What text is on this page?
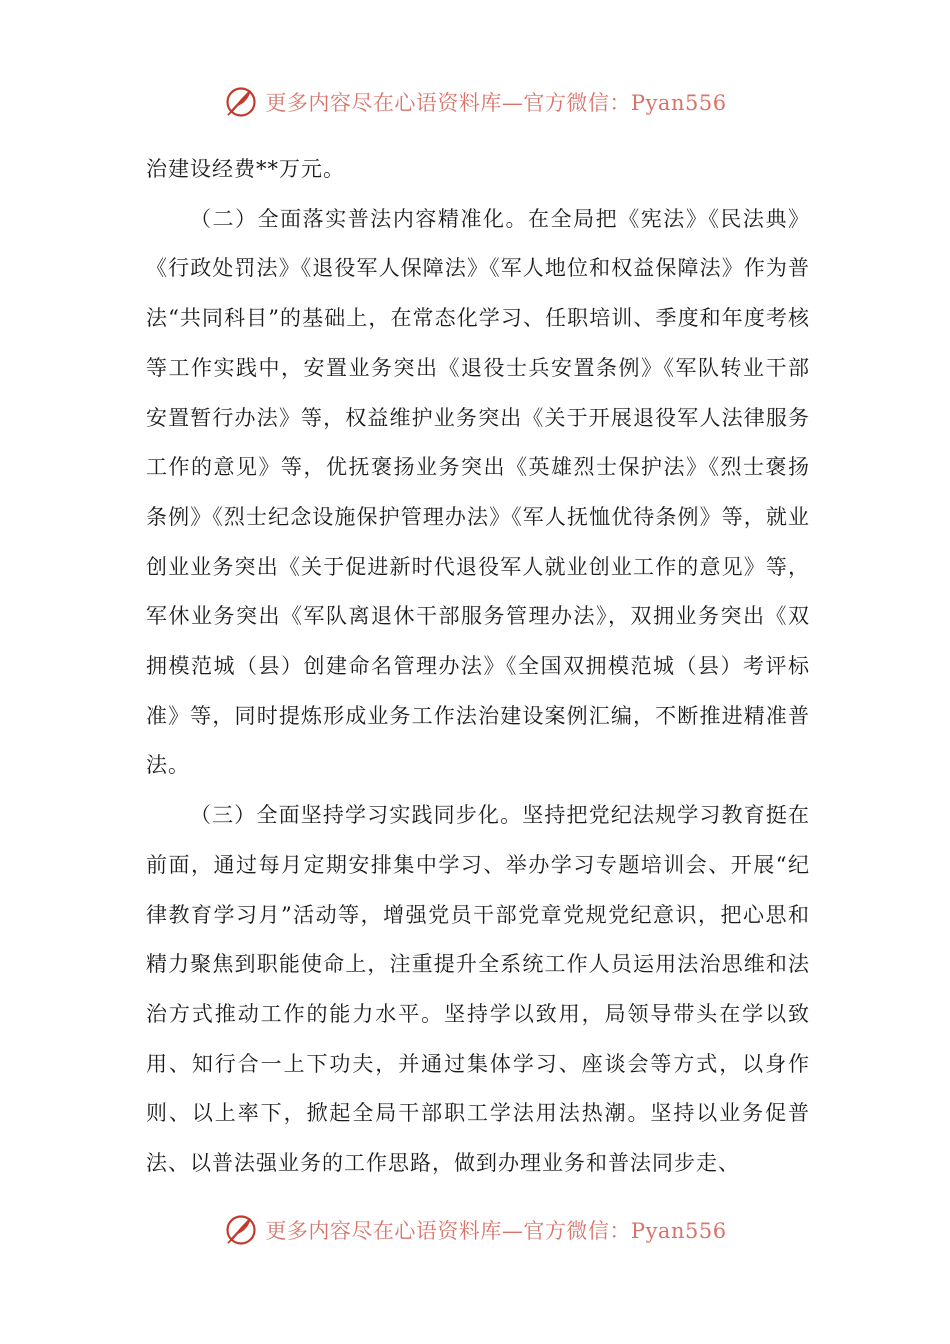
更多内容尽在心语资料库—官方微信：Pyan556

治建设经费**万元。

（二）全面落实普法内容精准化。在全局把《宪法》《民法典》《行政处罚法》《退役军人保障法》《军人地位和权益保障法》作为普法“共同科目”的基础上，在常态化学习、任职培训、季度和年度考核等工作实践中，安置业务突出《退役士兵安置条例》《军队转业干部安置暂行办法》等，权益维护业务突出《关于开展退役军人法律服务工作的意见》等，优抚褒扬业务突出《英雄烈士保护法》《烈士褒扬条例》《烈士纪念设施保护管理办法》《军人抚恤优待条例》等，就业创业业务突出《关于促进新时代退役军人就业创业工作的意见》等，军休业务突出《军队离退休干部服务管理办法》，双拥业务突出《双拥模范城（县）创建命名管理办法》《全国双拥模范城（县）考评标准》等，同时提炼形成业务工作法治建设案例汇编，不断推进精准普法。

（三）全面坚持学习实践同步化。坚持把党纪法规学习教育挺在前面，通过每月定期安排集中学习、举办学习专题培训会、开展“纪律教育学习月”活动等，增强党员干部党章党规党纪意识，把心思和精力聚焦到职能使命上，注重提升全系统工作人员运用法治思维和法治方式推动工作的能力水平。坚持学以致用，局领导带头在学以致用、知行合一上下功夫，并通过集体学习、座谈会等方式，以身作则、以上率下，掀起全局干部职工学法用法热潮。坚持以业务促普法、以普法强业务的工作思路，做到办理业务和普法同步走、

更多内容尽在心语资料库—官方微信：Pyan556
